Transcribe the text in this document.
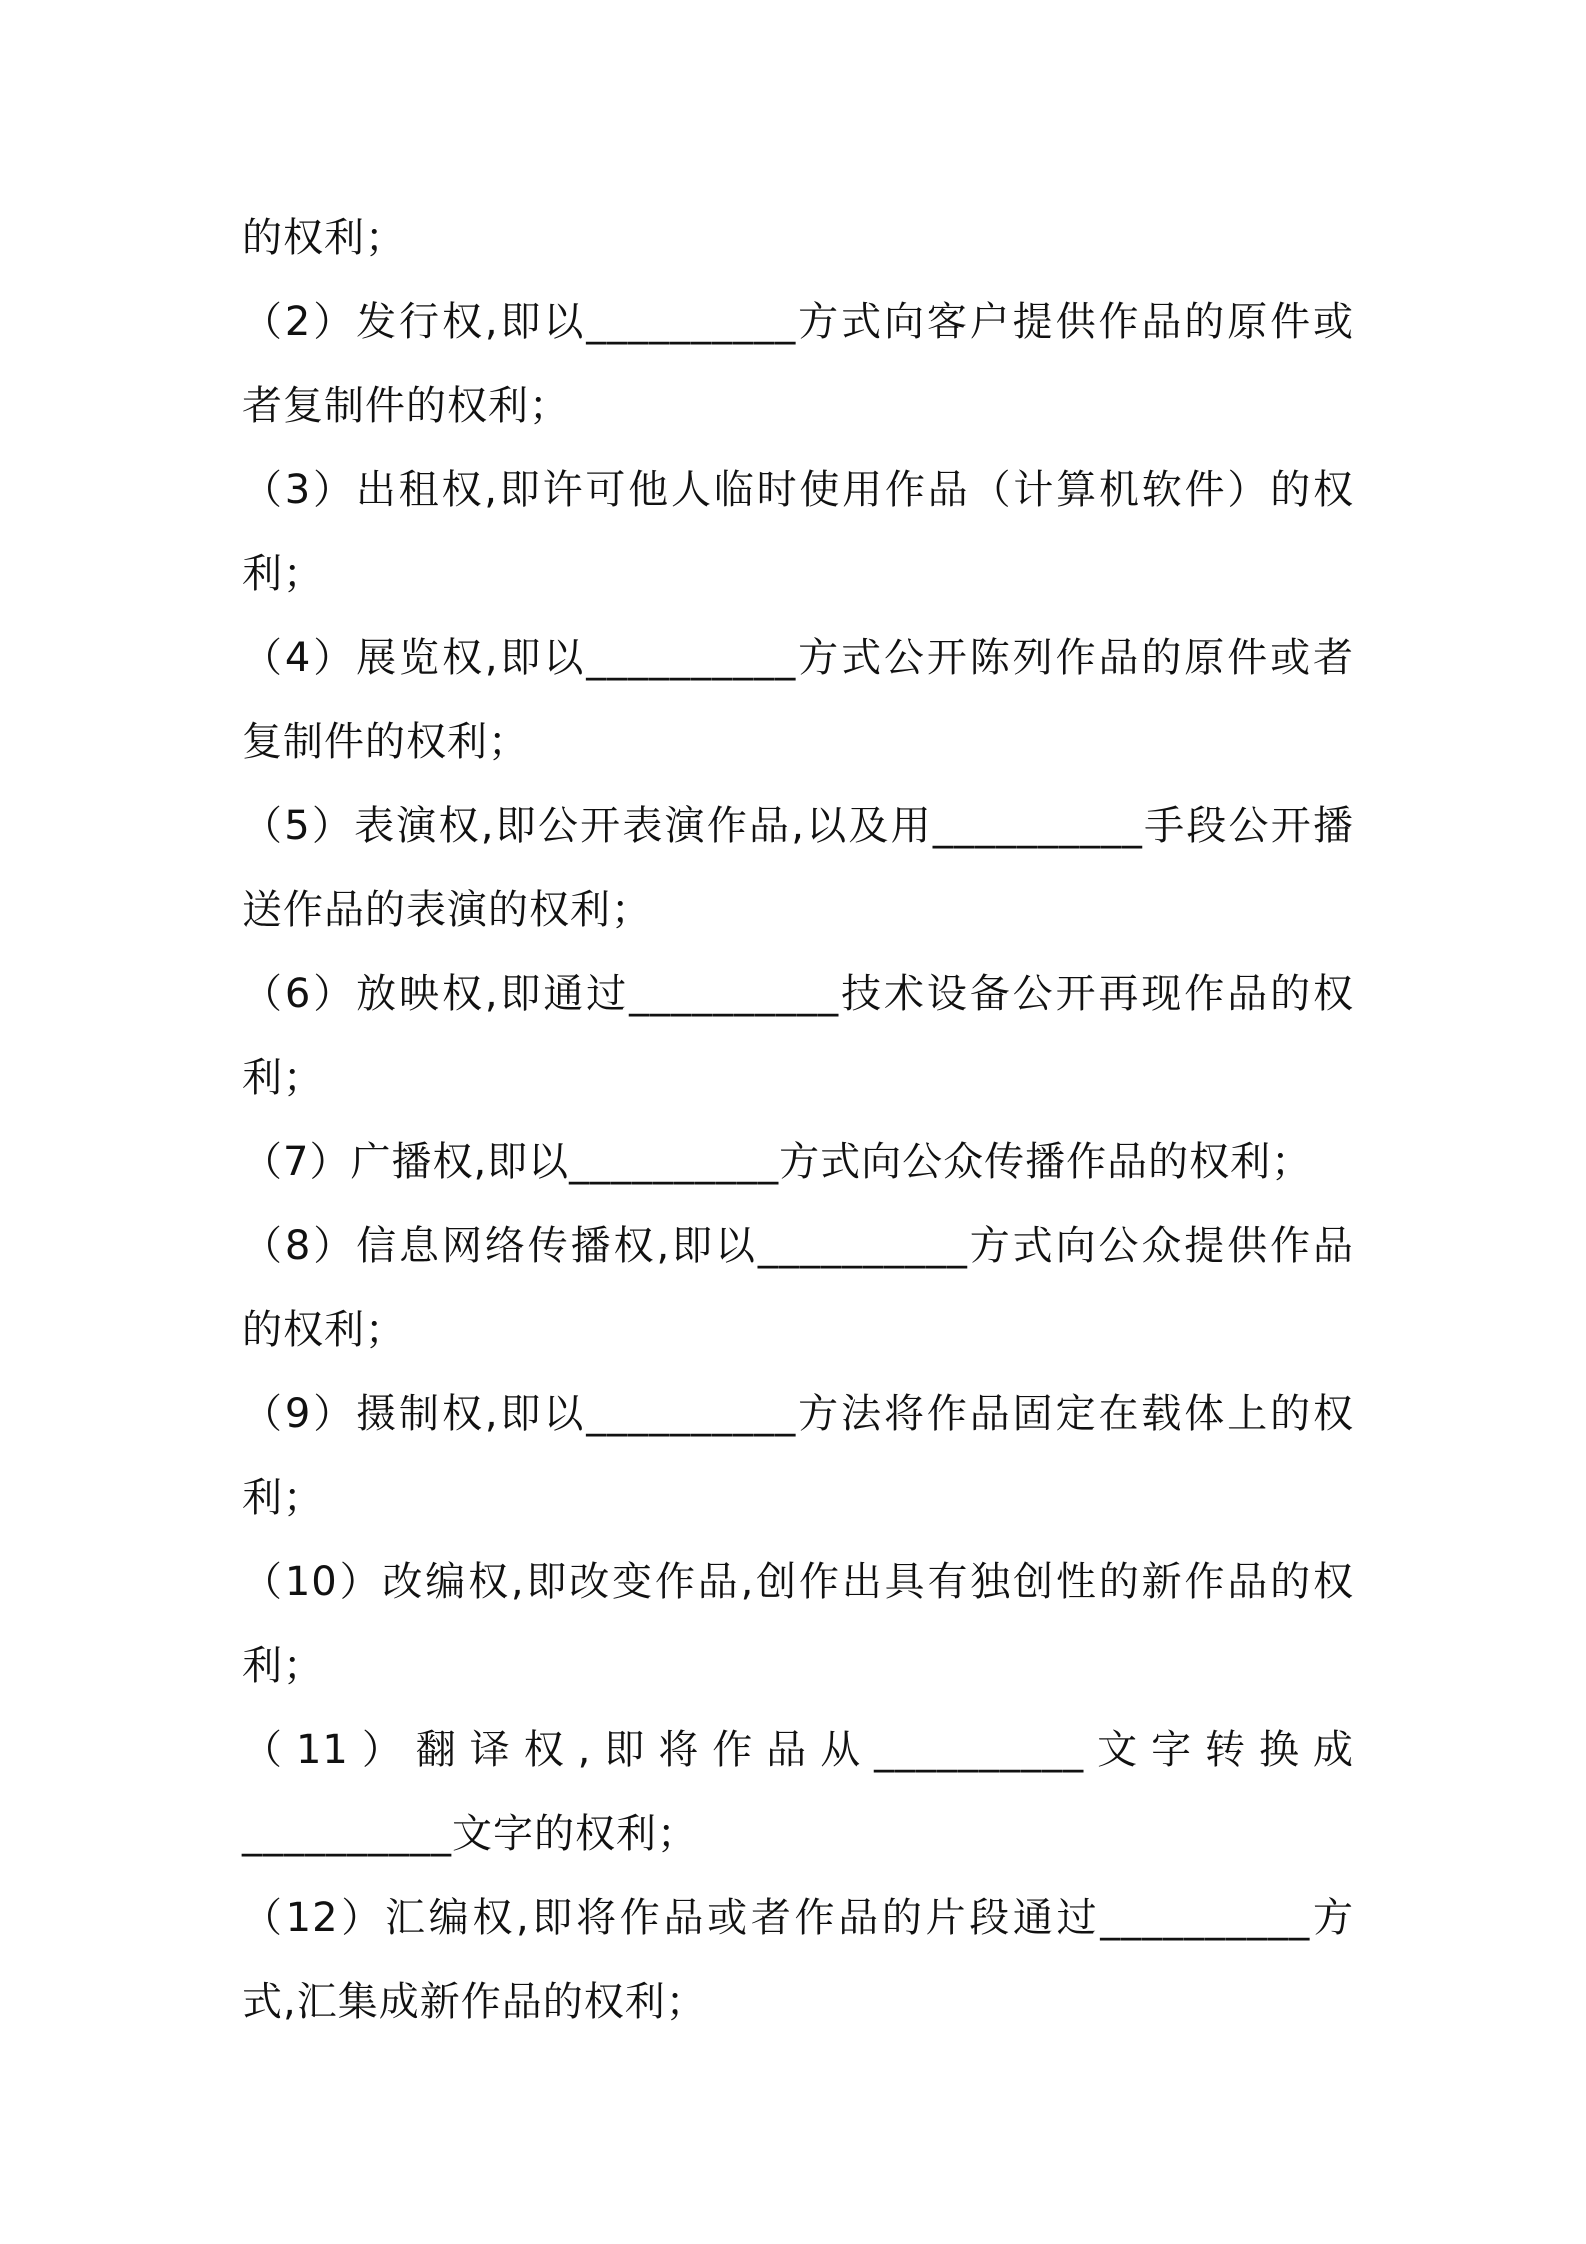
的权利；
（2）发行权,即以__________方式向客户提供作品的原件或
者复制件的权利；
（3）出租权,即许可他人临时使用作品（计算机软件）的权
利；
（4）展览权,即以__________方式公开陈列作品的原件或者
复制件的权利；
（5）表演权,即公开表演作品,以及用__________手段公开播
送作品的表演的权利；
（6）放映权,即通过__________技术设备公开再现作品的权
利；
（7）广播权,即以__________方式向公众传播作品的权利；
（8）信息网络传播权,即以__________方式向公众提供作品
的权利；
（9）摄制权,即以__________方法将作品固定在载体上的权
利；
（10）改编权,即改变作品,创作出具有独创性的新作品的权
利；
（11）翻译权,即将作品从__________文字转换成
__________文字的权利；
（12）汇编权,即将作品或者作品的片段通过__________方
式,汇集成新作品的权利；
